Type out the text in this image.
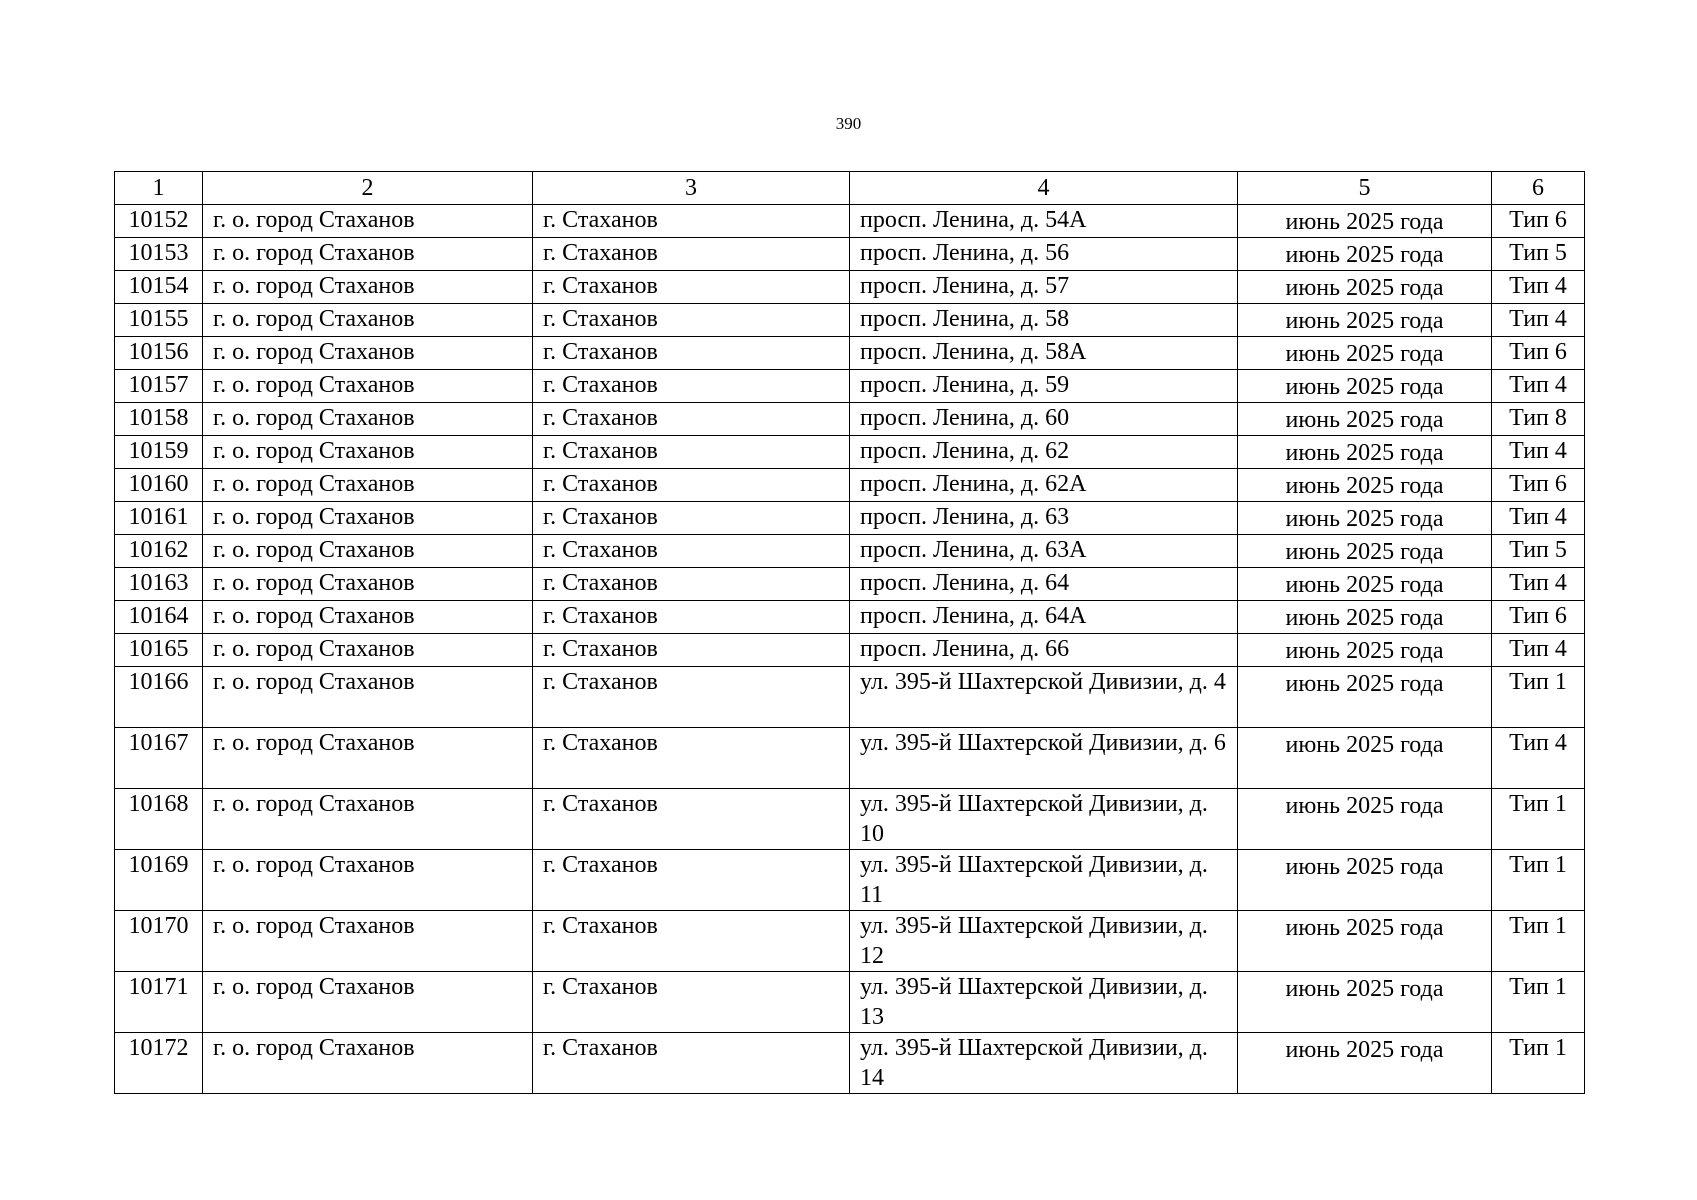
390
1	2	3	4	5	6
10152	г. о. город Стаханов	г. Стаханов	просп. Ленина, д. 54А	июнь 2025 года	Тип 6
10153	г. о. город Стаханов	г. Стаханов	просп. Ленина, д. 56	июнь 2025 года	Тип 5
10154	г. о. город Стаханов	г. Стаханов	просп. Ленина, д. 57	июнь 2025 года	Тип 4
10155	г. о. город Стаханов	г. Стаханов	просп. Ленина, д. 58	июнь 2025 года	Тип 4
10156	г. о. город Стаханов	г. Стаханов	просп. Ленина, д. 58А	июнь 2025 года	Тип 6
10157	г. о. город Стаханов	г. Стаханов	просп. Ленина, д. 59	июнь 2025 года	Тип 4
10158	г. о. город Стаханов	г. Стаханов	просп. Ленина, д. 60	июнь 2025 года	Тип 8
10159	г. о. город Стаханов	г. Стаханов	просп. Ленина, д. 62	июнь 2025 года	Тип 4
10160	г. о. город Стаханов	г. Стаханов	просп. Ленина, д. 62А	июнь 2025 года	Тип 6
10161	г. о. город Стаханов	г. Стаханов	просп. Ленина, д. 63	июнь 2025 года	Тип 4
10162	г. о. город Стаханов	г. Стаханов	просп. Ленина, д. 63А	июнь 2025 года	Тип 5
10163	г. о. город Стаханов	г. Стаханов	просп. Ленина, д. 64	июнь 2025 года	Тип 4
10164	г. о. город Стаханов	г. Стаханов	просп. Ленина, д. 64А	июнь 2025 года	Тип 6
10165	г. о. город Стаханов	г. Стаханов	просп. Ленина, д. 66	июнь 2025 года	Тип 4
10166	г. о. город Стаханов	г. Стаханов	ул. 395-й Шахтерской Дивизии, д. 4	июнь 2025 года	Тип 1
10167	г. о. город Стаханов	г. Стаханов	ул. 395-й Шахтерской Дивизии, д. 6	июнь 2025 года	Тип 4
10168	г. о. город Стаханов	г. Стаханов	ул. 395-й Шахтерской Дивизии, д. 10	июнь 2025 года	Тип 1
10169	г. о. город Стаханов	г. Стаханов	ул. 395-й Шахтерской Дивизии, д. 11	июнь 2025 года	Тип 1
10170	г. о. город Стаханов	г. Стаханов	ул. 395-й Шахтерской Дивизии, д. 12	июнь 2025 года	Тип 1
10171	г. о. город Стаханов	г. Стаханов	ул. 395-й Шахтерской Дивизии, д. 13	июнь 2025 года	Тип 1
10172	г. о. город Стаханов	г. Стаханов	ул. 395-й Шахтерской Дивизии, д. 14	июнь 2025 года	Тип 1
